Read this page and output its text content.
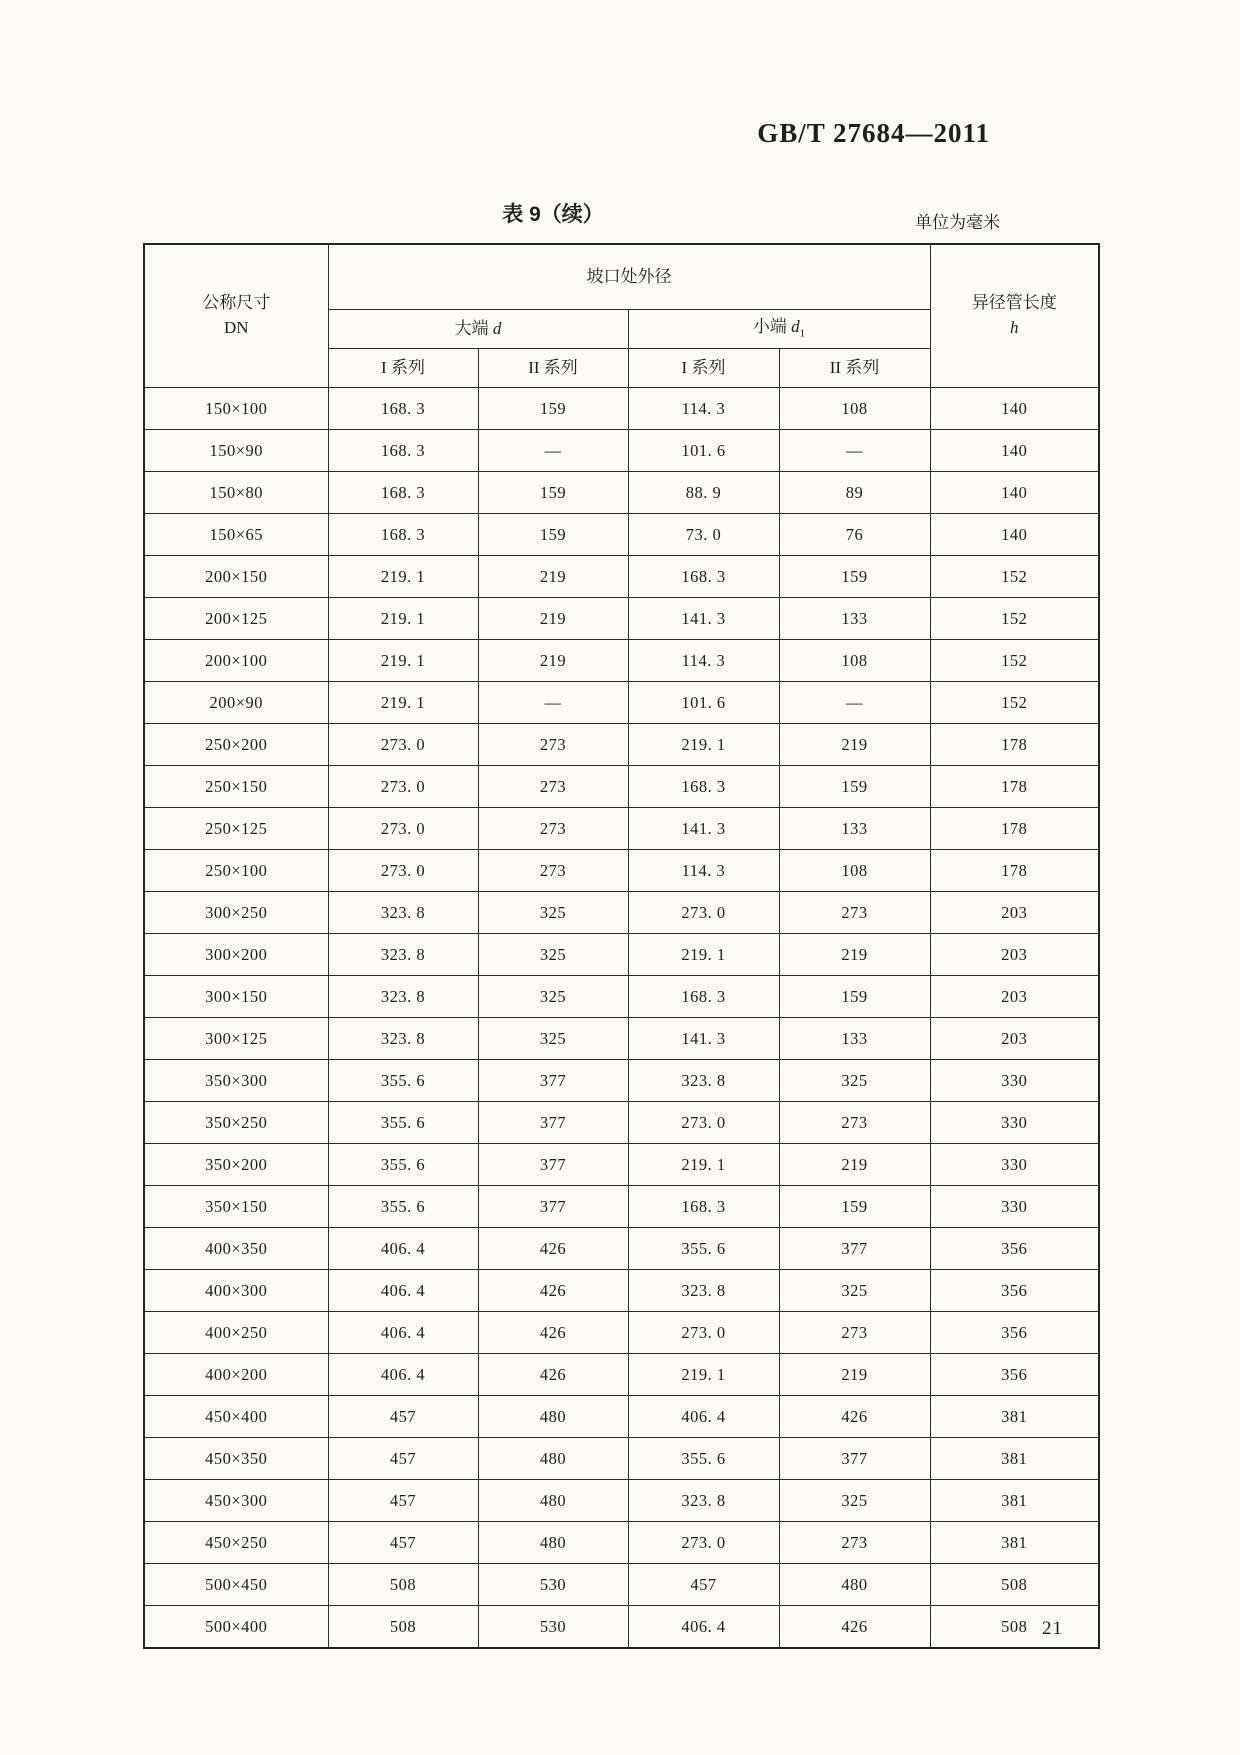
GB/T 27684—2011
表 9（续）	单位为毫米
公称尺寸
DN	坡口处外径				异径管长度
h
	大端 d		小端 $d_1$
	I 系列	II 系列	I 系列	II 系列	
150×100	168. 3	159	114. 3	108	140
150×90	168. 3	—	101. 6	—	140
150×80	168. 3	159	88. 9	89	140
150×65	168. 3	159	73. 0	76	140
200×150	219. 1	219	168. 3	159	152
200×125	219. 1	219	141. 3	133	152
200×100	219. 1	219	114. 3	108	152
200×90	219. 1	—	101. 6	—	152
250×200	273. 0	273	219. 1	219	178
250×150	273. 0	273	168. 3	159	178
250×125	273. 0	273	141. 3	133	178
250×100	273. 0	273	114. 3	108	178
300×250	323. 8	325	273. 0	273	203
300×200	323. 8	325	219. 1	219	203
300×150	323. 8	325	168. 3	159	203
300×125	323. 8	325	141. 3	133	203
350×300	355. 6	377	323. 8	325	330
350×250	355. 6	377	273. 0	273	330
350×200	355. 6	377	219. 1	219	330
350×150	355. 6	377	168. 3	159	330
400×350	406. 4	426	355. 6	377	356
400×300	406. 4	426	323. 8	325	356
400×250	406. 4	426	273. 0	273	356
400×200	406. 4	426	219. 1	219	356
450×400	457	480	406. 4	426	381
450×350	457	480	355. 6	377	381
450×300	457	480	323. 8	325	381
450×250	457	480	273. 0	273	381
500×450	508	530	457	480	508
500×400	508	530	406. 4	426	508 21
